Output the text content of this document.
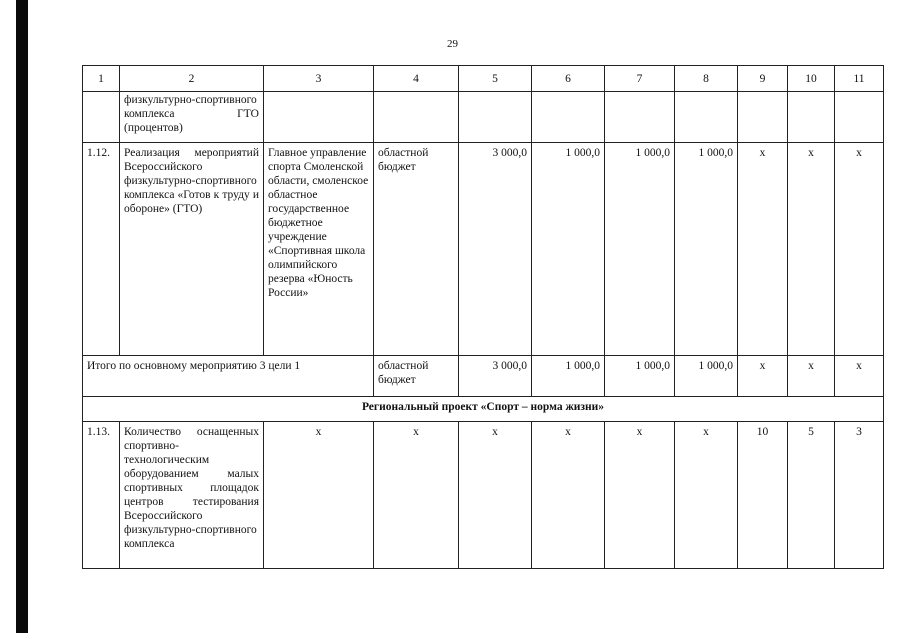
29
1	2	3	4	5	6	7	8	9	10	11
	физкультурно-спортивного комплекса ГТО (процентов)									
1.12.	Реализация мероприятий Всероссийского физкультурно-спортивного комплекса «Готов к труду и обороне» (ГТО)	Главное управление спорта Смоленской области, смоленское областное государственное бюджетное учреждение «Спортивная школа олимпийского резерва «Юность России»	областной бюджет	3 000,0	1 000,0	1 000,0	1 000,0	х	х	х
Итого по основному мероприятию 3 цели 1			областной бюджет	3 000,0	1 000,0	1 000,0	1 000,0	х	х	х
Региональный проект «Спорт – норма жизни»										
1.13.	Количество оснащенных спортивно-технологическим оборудованием малых спортивных площадок центров тестирования Всероссийского физкультурно-спортивного комплекса	х	х	х	х	х	х	10	5	3
